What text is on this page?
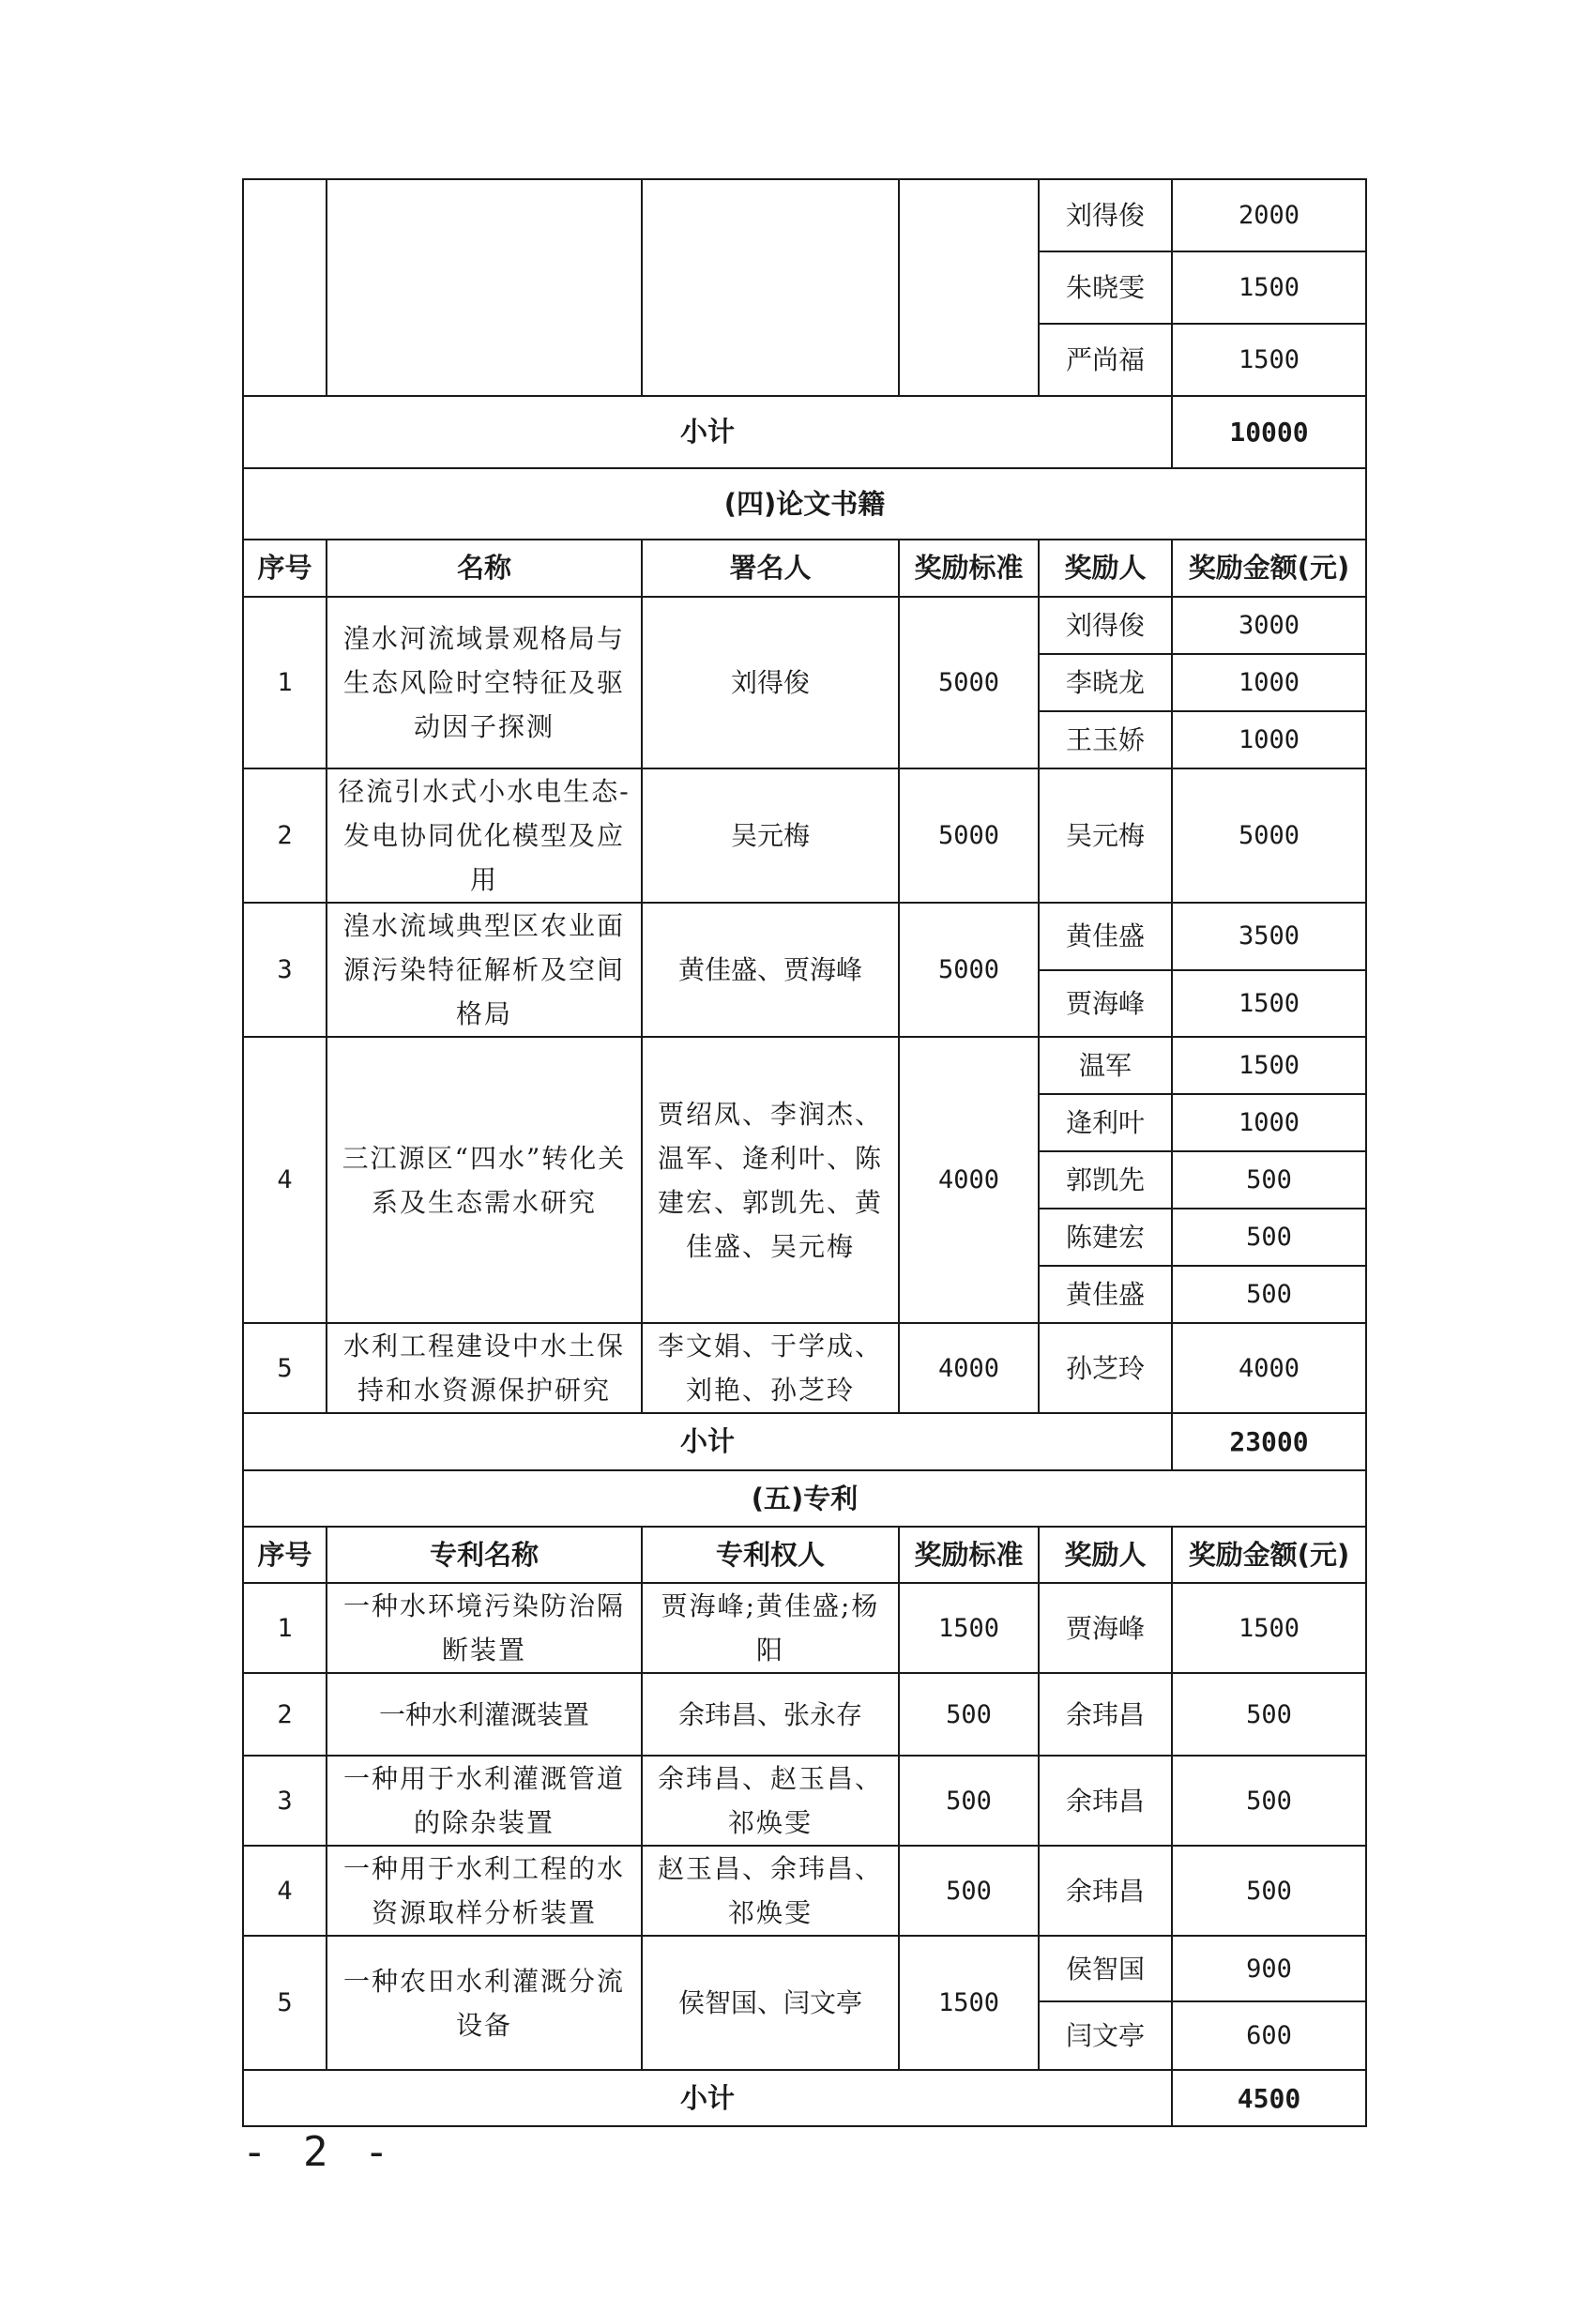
				刘得俊	2000
				朱晓雯	1500
				严尚福	1500
小计					10000
(四)论文书籍					
序号	名称	署名人	奖励标准	奖励人	奖励金额(元)
1	湟水河流域景观格局与生态风险时空特征及驱动因子探测	刘得俊	5000	刘得俊	3000
				李晓龙	1000
				王玉娇	1000
2	径流引水式小水电生态-发电协同优化模型及应用	吴元梅	5000	吴元梅	5000
3	湟水流域典型区农业面源污染特征解析及空间格局	黄佳盛、贾海峰	5000	黄佳盛	3500
				贾海峰	1500
4	三江源区“四水”转化关系及生态需水研究	贾绍凤、李润杰、温军、逄利叶、陈建宏、郭凯先、黄佳盛、吴元梅	4000	温军	1500
				逄利叶	1000
				郭凯先	500
				陈建宏	500
				黄佳盛	500
5	水利工程建设中水土保持和水资源保护研究	李文娟、于学成、刘艳、孙芝玲	4000	孙芝玲	4000
小计					23000
(五)专利					
序号	专利名称	专利权人	奖励标准	奖励人	奖励金额(元)
1	一种水环境污染防治隔断装置	贾海峰;黄佳盛;杨阳	1500	贾海峰	1500
2	一种水利灌溉装置	余玮昌、张永存	500	余玮昌	500
3	一种用于水利灌溉管道的除杂装置	余玮昌、赵玉昌、祁焕雯	500	余玮昌	500
4	一种用于水利工程的水资源取样分析装置	赵玉昌、余玮昌、祁焕雯	500	余玮昌	500
5	一种农田水利灌溉分流设备	侯智国、闫文亭	1500	侯智国	900
				闫文亭	600
小计					4500
- 2 -
